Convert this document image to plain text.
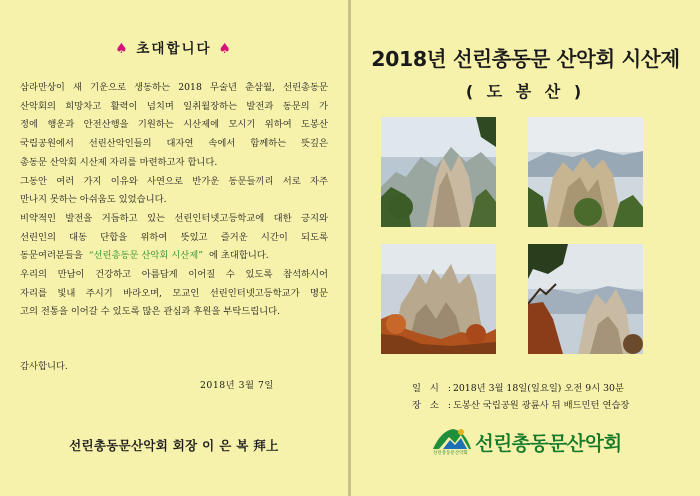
♠ 초대합니다 ♠

삼라만상이 새 기운으로 생동하는 2018 무술년 춘삼월, 선린총동문

산악회의 희망차고 활력이 넘치며 일취월장하는 발전과 동문의 가

정에 행운과 안전산행을 기원하는 시산제에 모시기 위하여 도봉산

국립공원에서 선린산악인들의 대자연 속에서 함께하는 뜻깊은

총동문 산악회 시산제 자리를 마련하고자 합니다.

그동안 여러 가지 이유와 사연으로 반가운 동문들끼리 서로 자주

만나지 못하는 아쉬움도 있었습니다.

비약적인 발전을 거듭하고 있는 선린인터넷고등학교에 대한 긍지와

선린인의 대동 단합을 위하여 뜻있고 즐거운 시간이 되도록

동문여러분들을 “선린총동문 산악회 시산제” 에 초대합니다.

우리의 만남이 건강하고 아름답게 이어질 수 있도록 참석하시어

자리를 빛내 주시기 바라오며, 모교인 선린인터넷고등학교가 명문

고의 전통을 이어갈 수 있도록 많은 관심과 후원을 부탁드립니다.

감사합니다.
2018년 3월 7일
선린총동문산악회 회장 이 은 복 拜上
2018년 선린총동문 산악회 시산제
( 도 봉 산 )
일 시 : 2018년 3월 18일(일요일) 오전 9시 30분
장 소 : 도봉산 국립공원 광륜사 뒤 배드민턴 연습장
선린총동문산악회 선린총동문산악회
